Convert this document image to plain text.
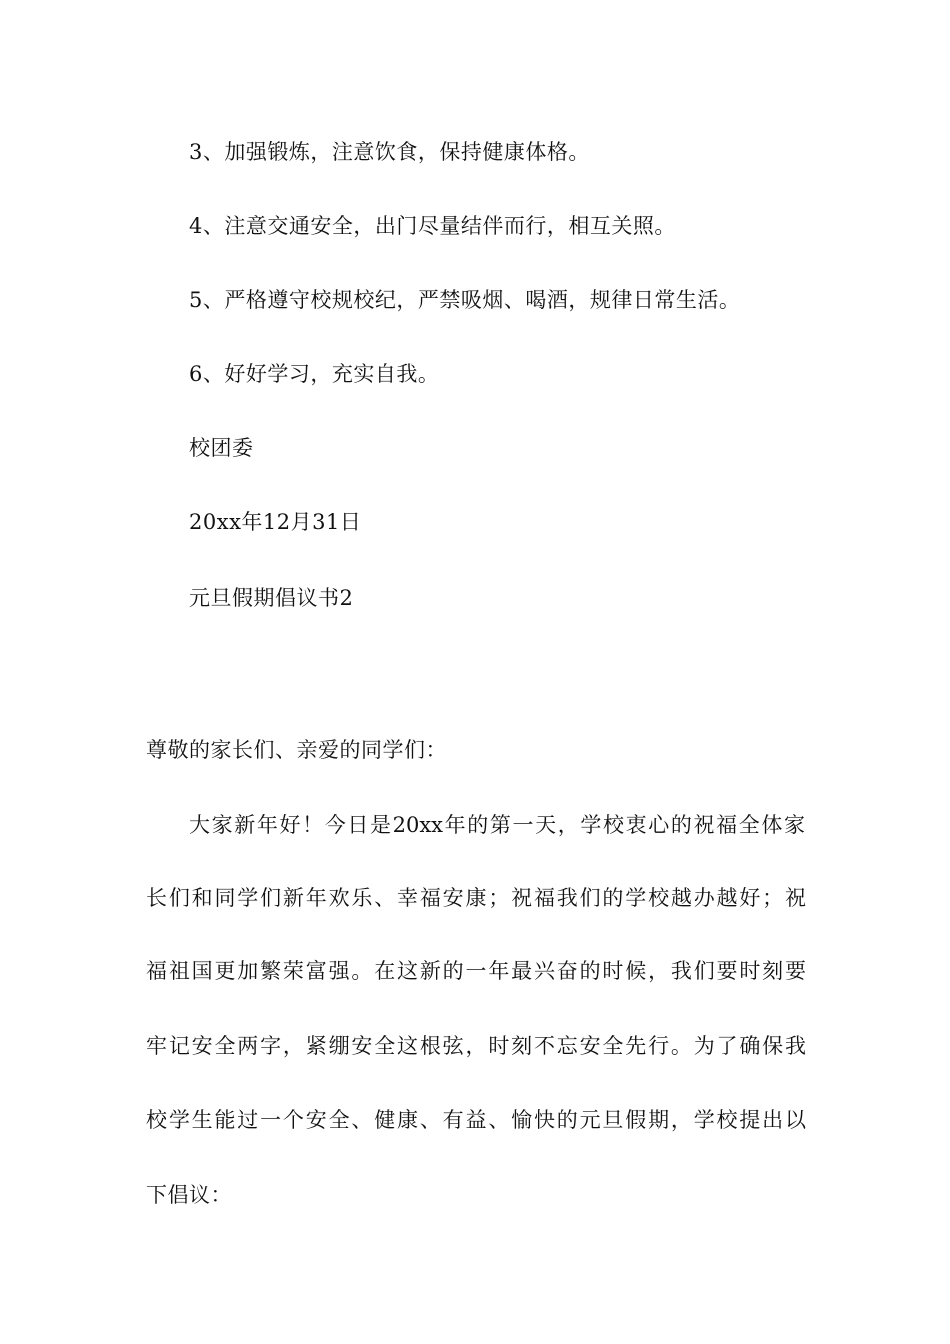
3、加强锻炼，注意饮食，保持健康体格。
4、注意交通安全，出门尽量结伴而行，相互关照。
5、严格遵守校规校纪，严禁吸烟、喝酒，规律日常生活。
6、好好学习，充实自我。
校团委
20xx年12月31日
元旦假期倡议书2
尊敬的家长们、亲爱的同学们：
大家新年好！今日是20xx年的第一天，学校衷心的祝福全体家
长们和同学们新年欢乐、幸福安康；祝福我们的学校越办越好；祝
福祖国更加繁荣富强。在这新的一年最兴奋的时候，我们要时刻要
牢记安全两字，紧绷安全这根弦，时刻不忘安全先行。为了确保我
校学生能过一个安全、健康、有益、愉快的元旦假期，学校提出以
下倡议：
